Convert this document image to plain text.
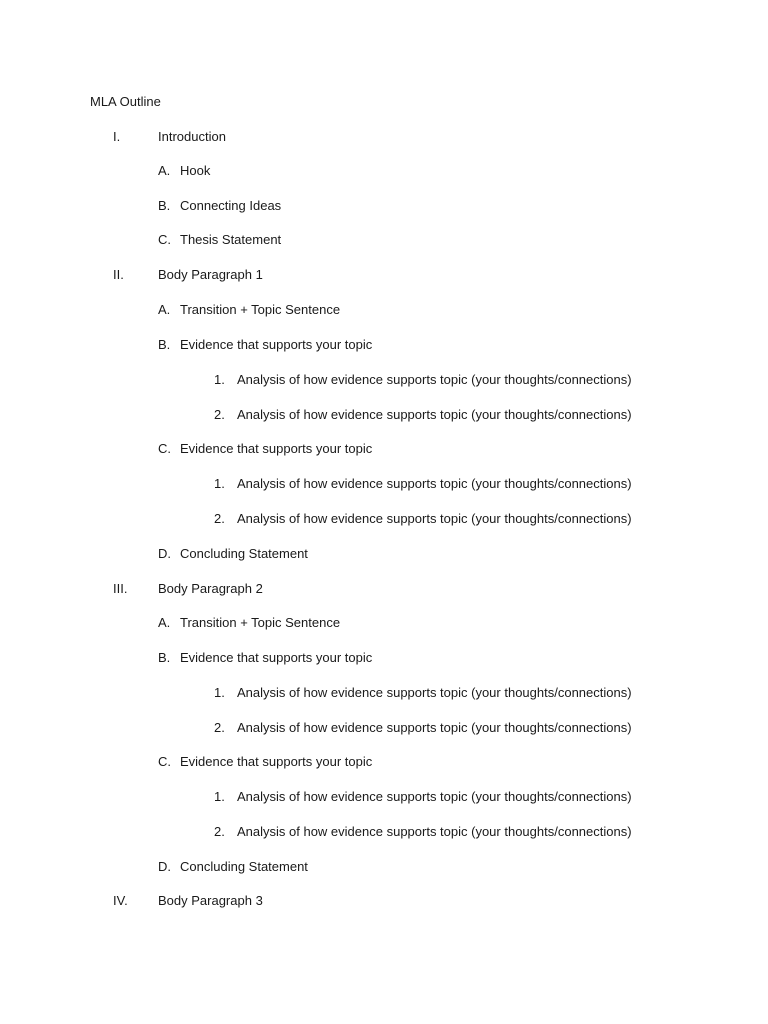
MLA Outline
I.	Introduction
A. Hook
B. Connecting Ideas
C. Thesis Statement
II.	Body Paragraph 1
A. Transition + Topic Sentence
B. Evidence that supports your topic
1. Analysis of how evidence supports topic (your thoughts/connections)
2. Analysis of how evidence supports topic (your thoughts/connections)
C. Evidence that supports your topic
1. Analysis of how evidence supports topic (your thoughts/connections)
2. Analysis of how evidence supports topic (your thoughts/connections)
D. Concluding Statement
III. Body Paragraph 2
A. Transition + Topic Sentence
B. Evidence that supports your topic
1. Analysis of how evidence supports topic (your thoughts/connections)
2. Analysis of how evidence supports topic (your thoughts/connections)
C. Evidence that supports your topic
1. Analysis of how evidence supports topic (your thoughts/connections)
2. Analysis of how evidence supports topic (your thoughts/connections)
D. Concluding Statement
IV. Body Paragraph 3
